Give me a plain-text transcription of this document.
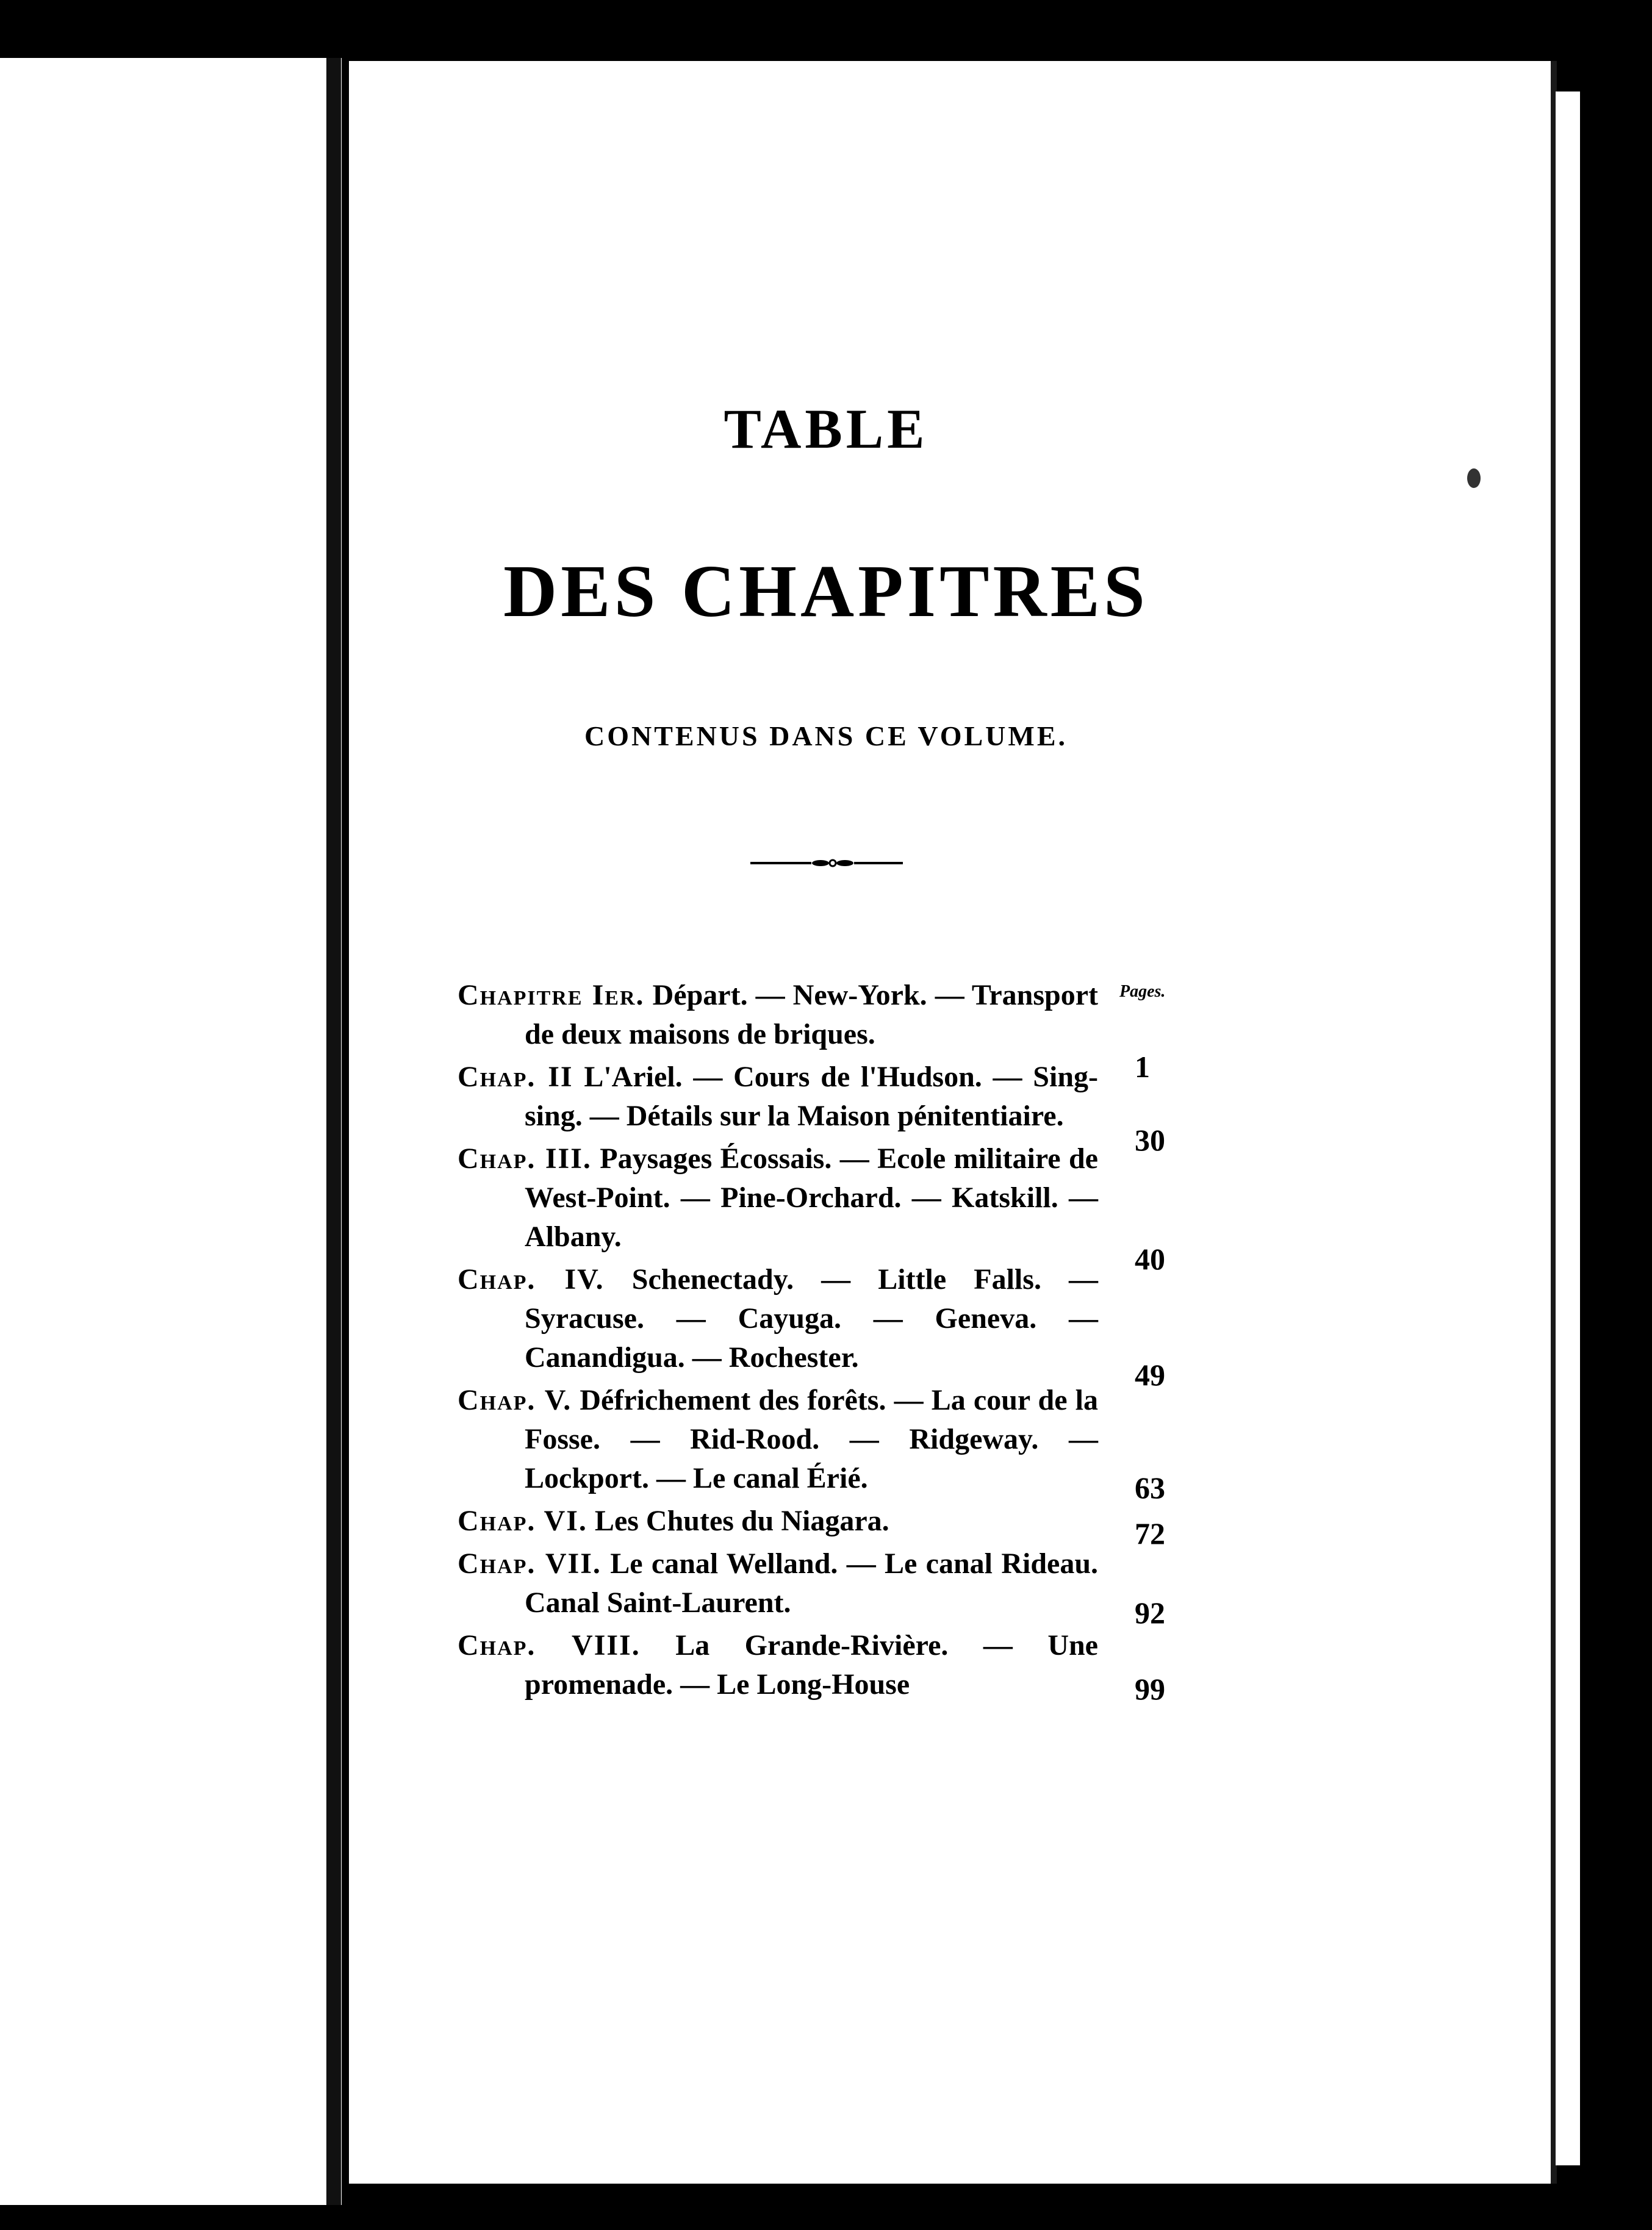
TABLE
DES CHAPITRES
CONTENUS DANS CE VOLUME.
Pages.
Chapitre Ier. Départ. — New-York. — Transport de deux maisons de briques.
Chap. II L'Ariel. — Cours de l'Hudson. — Sing-sing. — Détails sur la Maison pénitentiaire.
Chap. III. Paysages Écossais. — Ecole militaire de West-Point. — Pine-Orchard. — Katskill. — Albany.
Chap. IV. Schenectady. — Little Falls. — Syracuse. — Cayuga. — Geneva. — Canandigua. — Rochester.
Chap. V. Défrichement des forêts. — La cour de la Fosse. — Rid-Rood. — Ridgeway. — Lockport. — Le canal Érié.
Chap. VI. Les Chutes du Niagara.
Chap. VII. Le canal Welland. — Le canal Rideau. Canal Saint-Laurent.
Chap. VIII. La Grande-Rivière. — Une promenade. — Le Long-House
1
30
40
49
63
72
92
99
